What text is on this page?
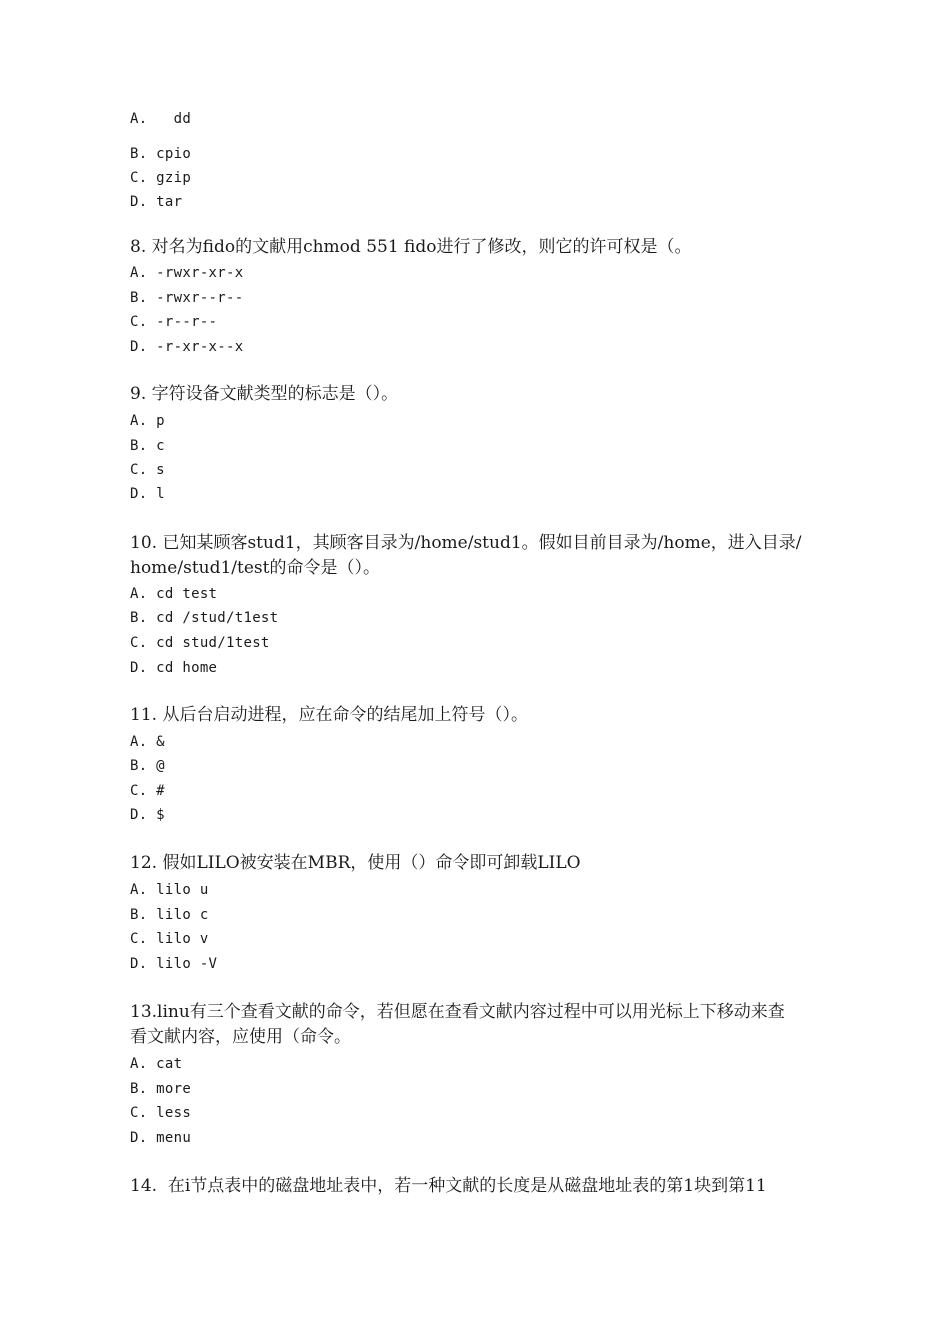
A.   dd
B. cpio
C. gzip
D. tar
8. 对名为fido的文献用chmod 551 fido进行了修改，则它的许可权是（。
A. -rwxr-xr-x
B. -rwxr--r--
C. -r--r--
D. -r-xr-x--x
9. 字符设备文献类型的标志是（）。
A. p
B. c
C. s
D. l
10. 已知某顾客stud1，其顾客目录为/home/stud1。假如目前目录为/home，进入目录/
home/stud1/test的命令是（）。
A. cd test
B. cd /stud/t1est
C. cd stud/1test
D. cd home
11. 从后台启动进程，应在命令的结尾加上符号（）。
A. &
B. @
C. #
D. $
12. 假如LILO被安装在MBR，使用（）命令即可卸载LILO
A. lilo u
B. lilo c
C. lilo v
D. lilo -V
13.linu有三个查看文献的命令，若但愿在查看文献内容过程中可以用光标上下移动来查
看文献内容，应使用（命令。
A. cat
B. more
C. less
D. menu
14.  在i节点表中的磁盘地址表中，若一种文献的长度是从磁盘地址表的第1块到第11
